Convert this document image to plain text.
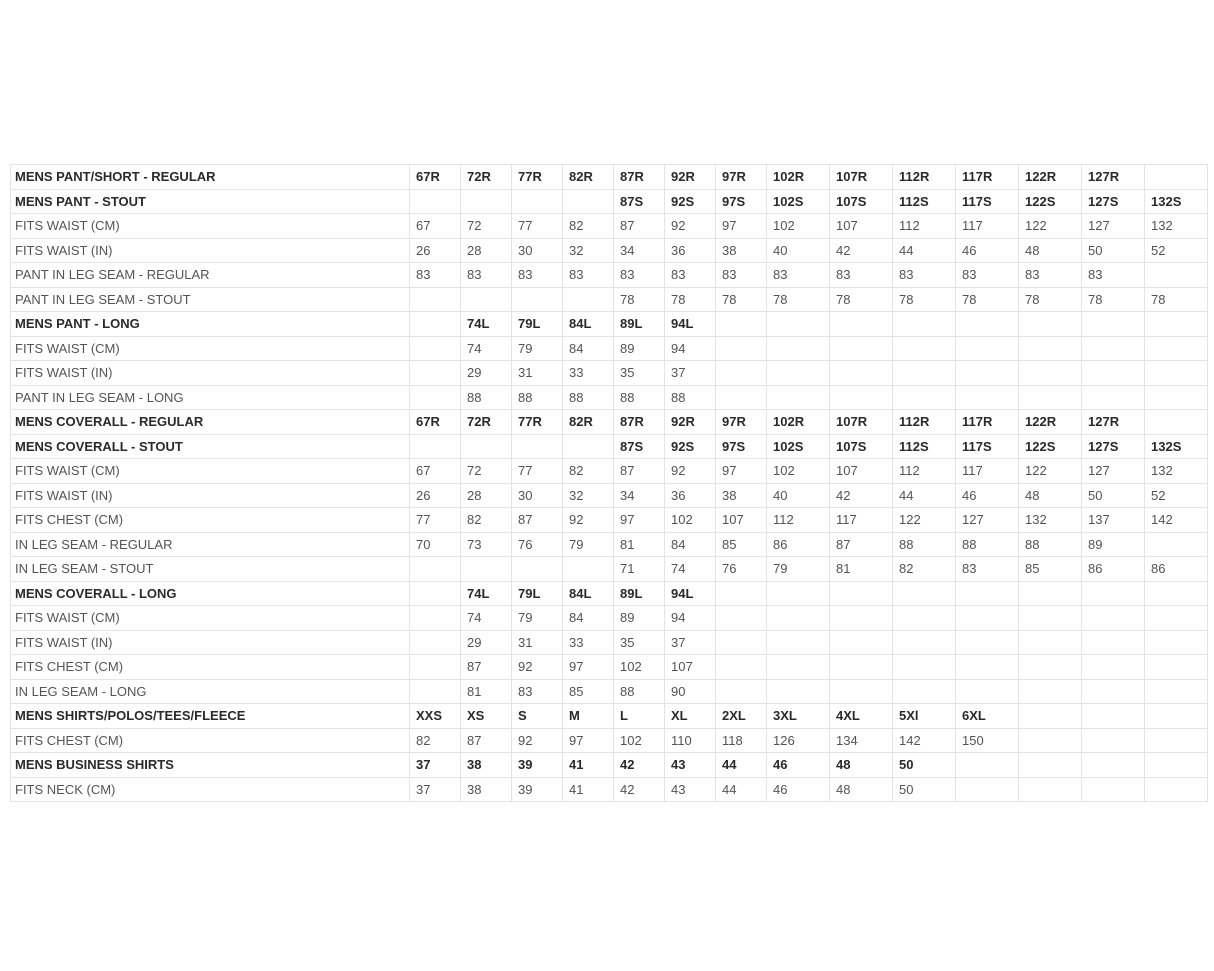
MENS PANT/SHORT - REGULAR	67R	72R	77R	82R	87R	92R	97R	102R	107R	112R	117R	122R	127R	
MENS PANT - STOUT					87S	92S	97S	102S	107S	112S	117S	122S	127S	132S
FITS WAIST (CM)	67	72	77	82	87	92	97	102	107	112	117	122	127	132
FITS WAIST (IN)	26	28	30	32	34	36	38	40	42	44	46	48	50	52
PANT IN LEG SEAM - REGULAR	83	83	83	83	83	83	83	83	83	83	83	83	83	
PANT IN LEG SEAM - STOUT					78	78	78	78	78	78	78	78	78	78
MENS PANT - LONG		74L	79L	84L	89L	94L								
FITS WAIST (CM)		74	79	84	89	94								
FITS WAIST (IN)		29	31	33	35	37								
PANT IN LEG SEAM - LONG		88	88	88	88	88								
MENS COVERALL - REGULAR	67R	72R	77R	82R	87R	92R	97R	102R	107R	112R	117R	122R	127R	
MENS COVERALL - STOUT					87S	92S	97S	102S	107S	112S	117S	122S	127S	132S
FITS WAIST (CM)	67	72	77	82	87	92	97	102	107	112	117	122	127	132
FITS WAIST (IN)	26	28	30	32	34	36	38	40	42	44	46	48	50	52
FITS CHEST (CM)	77	82	87	92	97	102	107	112	117	122	127	132	137	142
IN LEG SEAM - REGULAR	70	73	76	79	81	84	85	86	87	88	88	88	89	
IN LEG SEAM - STOUT					71	74	76	79	81	82	83	85	86	86
MENS COVERALL - LONG		74L	79L	84L	89L	94L								
FITS WAIST (CM)		74	79	84	89	94								
FITS WAIST (IN)		29	31	33	35	37								
FITS CHEST (CM)		87	92	97	102	107								
IN LEG SEAM - LONG		81	83	85	88	90								
MENS SHIRTS/POLOS/TEES/FLEECE	XXS	XS	S	M	L	XL	2XL	3XL	4XL	5Xl	6XL			
FITS CHEST (CM)	82	87	92	97	102	110	118	126	134	142	150			
MENS BUSINESS SHIRTS	37	38	39	41	42	43	44	46	48	50				
FITS NECK (CM)	37	38	39	41	42	43	44	46	48	50				
